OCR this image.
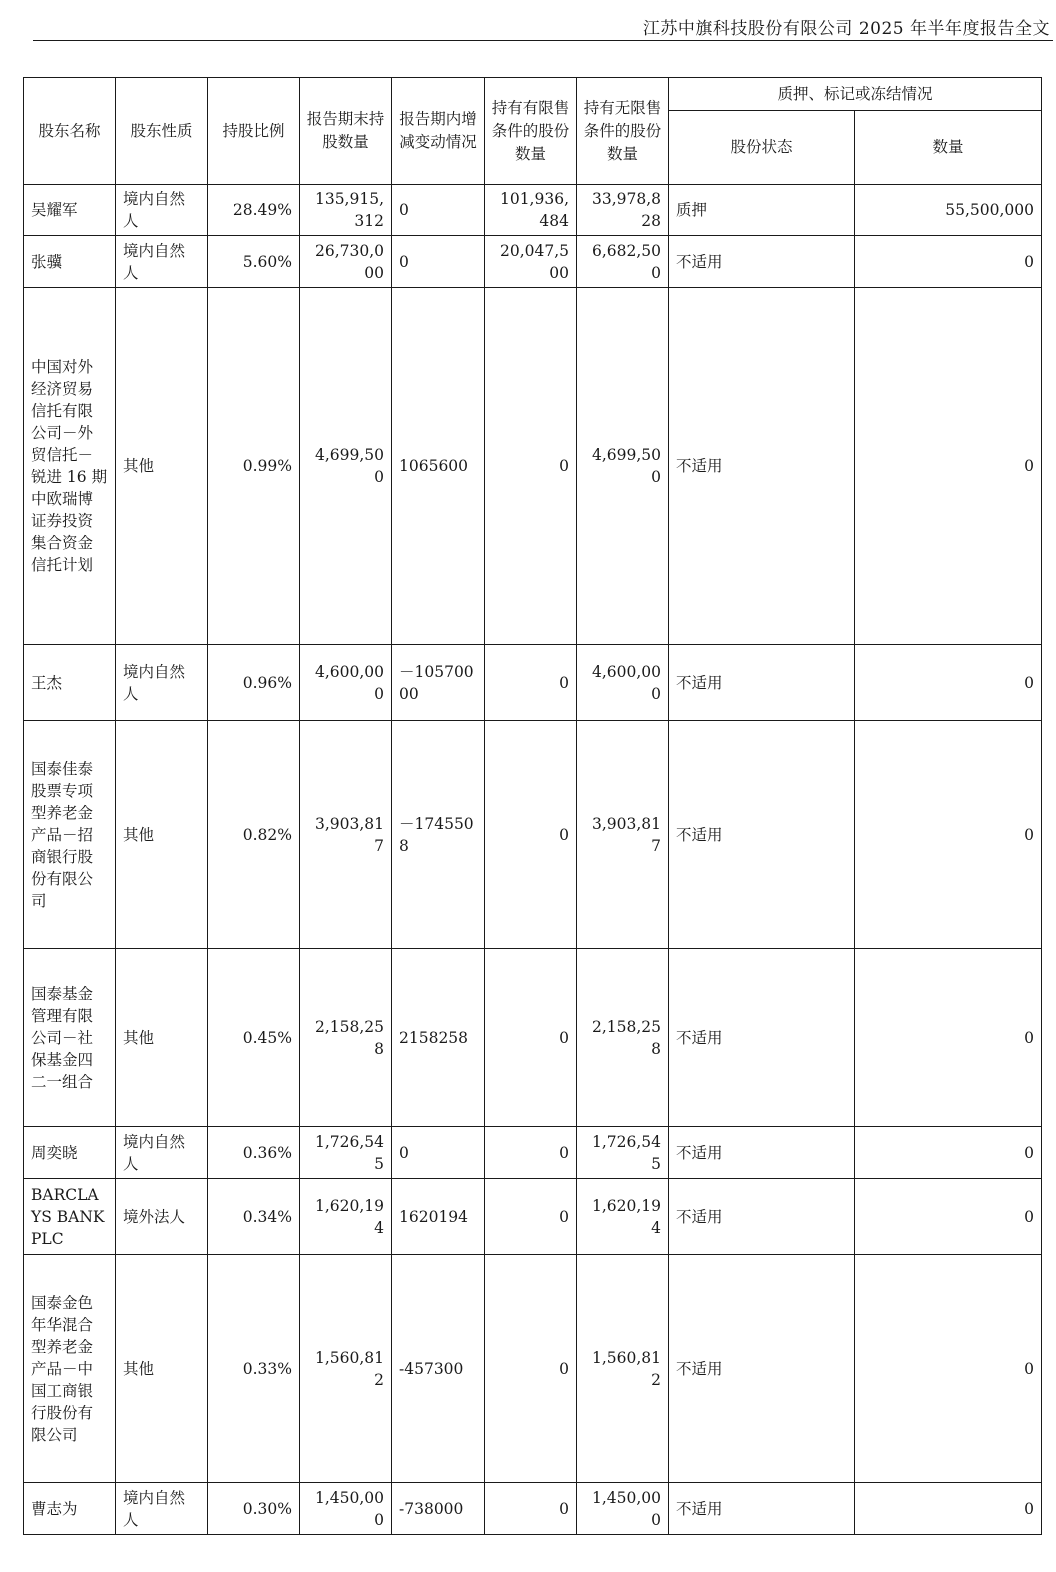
江苏中旗科技股份有限公司 2025 年半年度报告全文
股东名称	股东性质	持股比例	报告期末持股数量	报告期内增减变动情况	持有有限售条件的股份数量	持有无限售条件的股份数量	质押、标记或冻结情况	
							股份状态	数量
吴耀军	境内自然人	28.49%	135,915,312	0	101,936,484	33,978,828	质押	55,500,000
张骥	境内自然人	5.60%	26,730,000	0	20,047,500	6,682,500	不适用	0
中国对外经济贸易信托有限公司－外贸信托－锐进 16 期中欧瑞博证券投资集合资金信托计划	其他	0.99%	4,699,500	1065600	0	4,699,500	不适用	0
王杰	境内自然人	0.96%	4,600,000	－10570000	0	4,600,000	不适用	0
国泰佳泰股票专项型养老金产品－招商银行股份有限公司	其他	0.82%	3,903,817	－1745508	0	3,903,817	不适用	0
国泰基金管理有限公司－社保基金四二一组合	其他	0.45%	2,158,258	2158258	0	2,158,258	不适用	0
周奕晓	境内自然人	0.36%	1,726,545	0	0	1,726,545	不适用	0
BARCLAYS BANK PLC	境外法人	0.34%	1,620,194	1620194	0	1,620,194	不适用	0
国泰金色年华混合型养老金产品－中国工商银行股份有限公司	其他	0.33%	1,560,812	-457300	0	1,560,812	不适用	0
曹志为	境内自然人	0.30%	1,450,000	-738000	0	1,450,000	不适用	0
